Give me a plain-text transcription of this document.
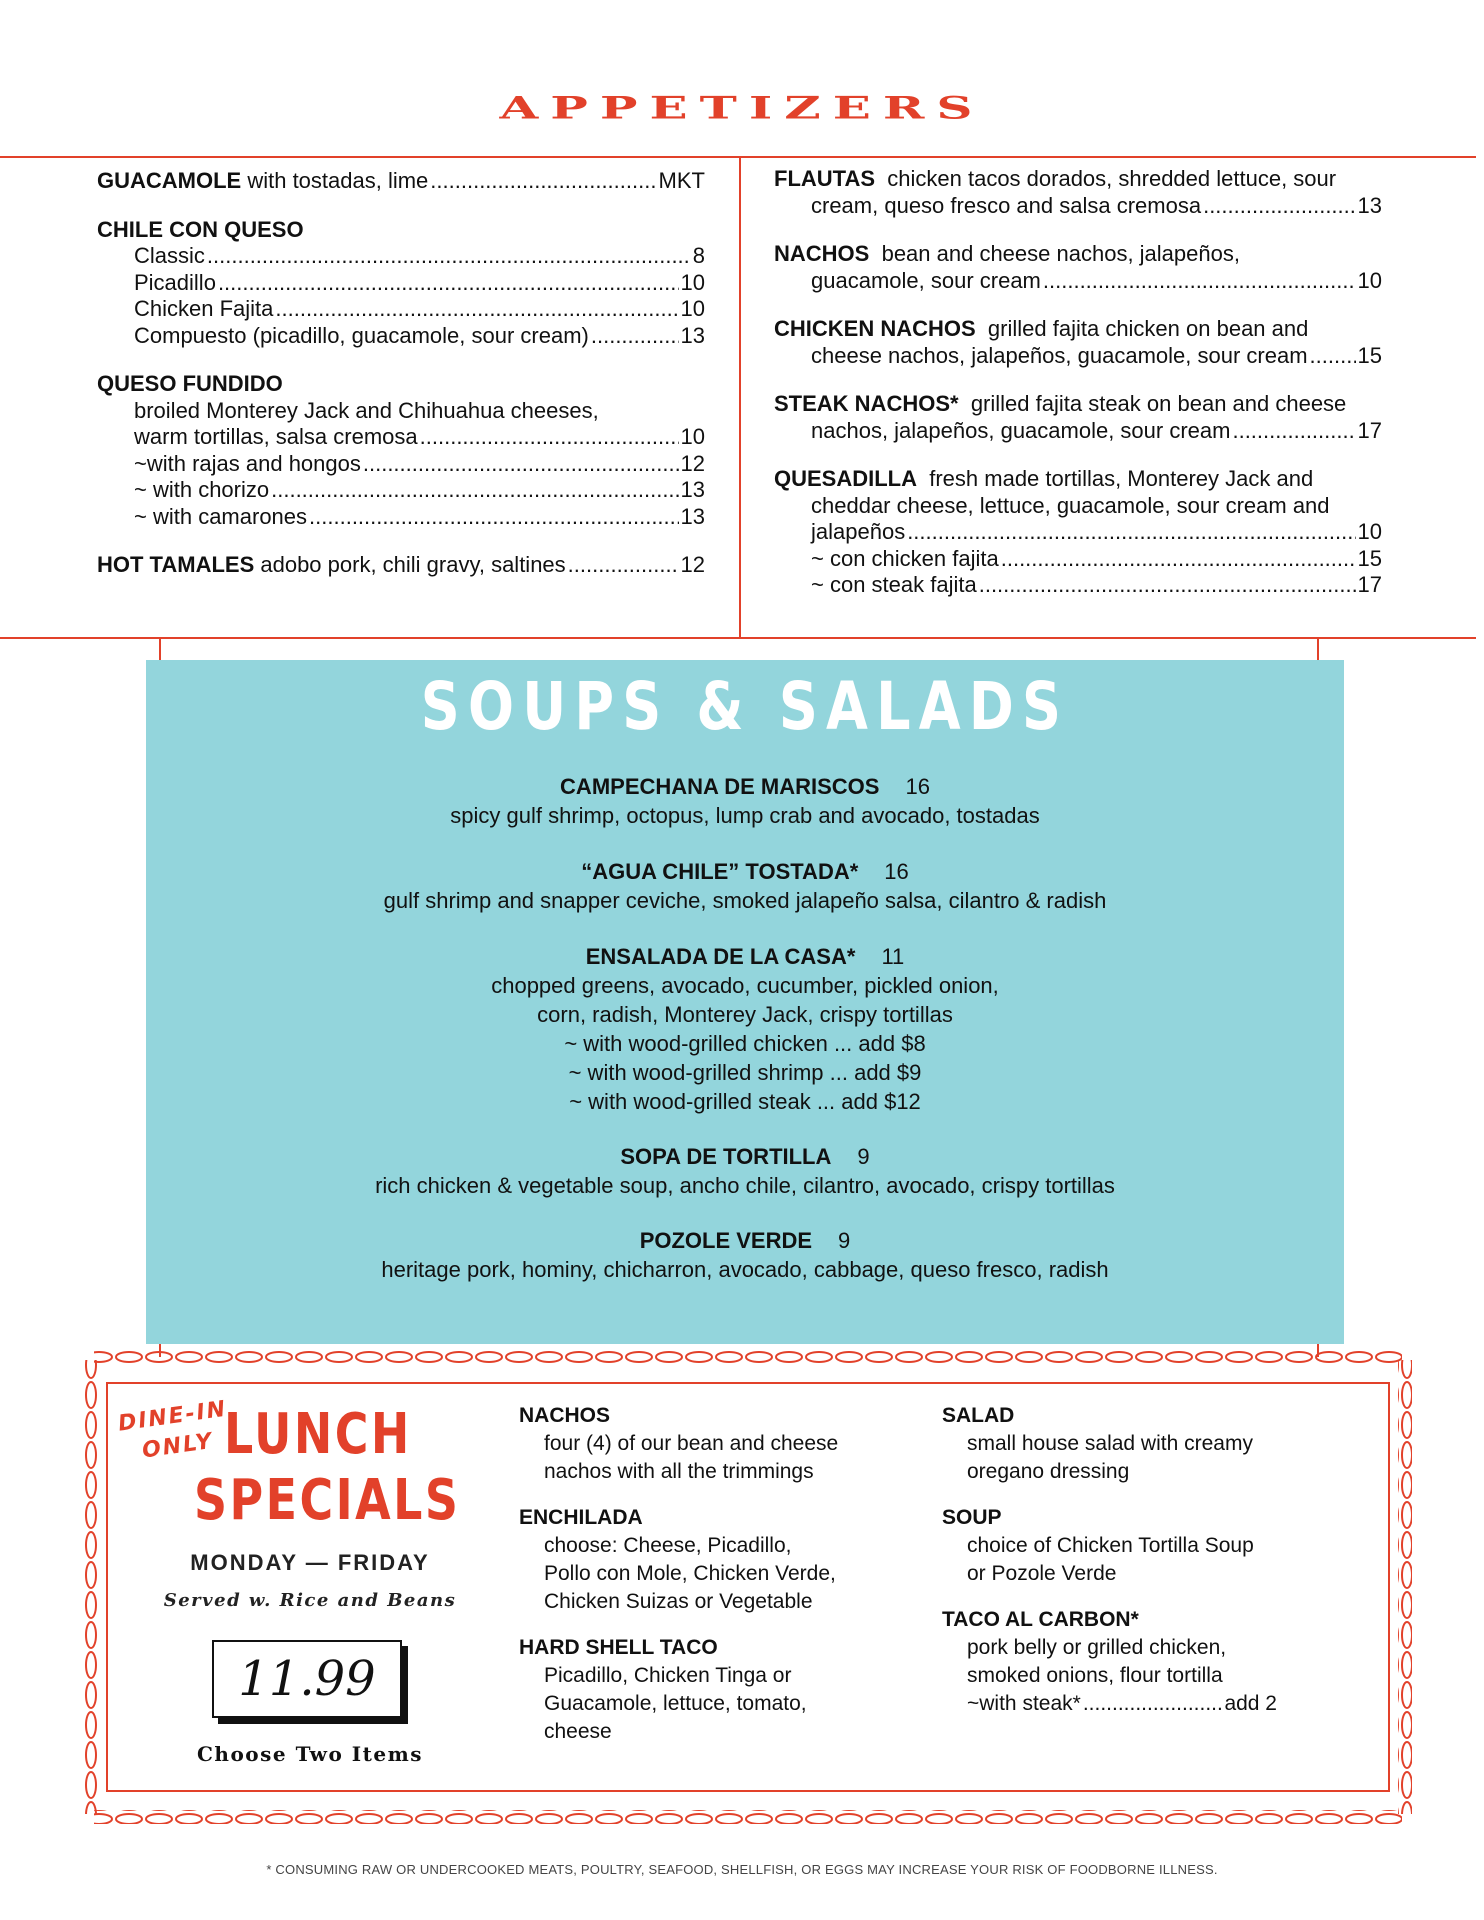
APPETIZERS
GUACAMOLE with tostadas, lime .....	MKT
CHILE CON QUESO
Classic .....	8
Picadillo .....	10
Chicken Fajita .....	10
Compuesto (picadillo, guacamole, sour cream) .....	13
QUESO FUNDIDO
broiled Monterey Jack and Chihuahua cheeses,
warm tortillas, salsa cremosa .....	10
~with rajas and hongos .....	12
~ with chorizo .....	13
~ with camarones .....	13
HOT TAMALES adobo pork, chili gravy, saltines .....	12
FLAUTAS chicken tacos dorados, shredded lettuce, sour
cream, queso fresco and salsa cremosa .....	13
NACHOS bean and cheese nachos, jalapeños,
guacamole, sour cream .....	10
CHICKEN NACHOS grilled fajita chicken on bean and
cheese nachos, jalapeños, guacamole, sour cream ..... 15
STEAK NACHOS* grilled fajita steak on bean and cheese
nachos, jalapeños, guacamole, sour cream .....	17
QUESADILLA fresh made tortillas, Monterey Jack and
cheddar cheese, lettuce, guacamole, sour cream and
jalapeños .....	10
~ con chicken fajita .....	15
~ con steak fajita .....	17
SOUPS & SALADS
CAMPECHANA DE MARISCOS 16
spicy gulf shrimp, octopus, lump crab and avocado, tostadas
“AGUA CHILE” TOSTADA* 16
gulf shrimp and snapper ceviche, smoked jalapeño salsa, cilantro & radish
ENSALADA DE LA CASA* 11
chopped greens, avocado, cucumber, pickled onion,
corn, radish, Monterey Jack, crispy tortillas
~ with wood-grilled chicken ... add $8
~ with wood-grilled shrimp ... add $9
~ with wood-grilled steak ... add $12
SOPA DE TORTILLA 9
rich chicken & vegetable soup, ancho chile, cilantro, avocado, crispy tortillas
POZOLE VERDE 9
heritage pork, hominy, chicharron, avocado, cabbage, queso fresco, radish
DINE-IN
ONLY LUNCH
SPECIALS
MONDAY — FRIDAY
Served w. Rice and Beans
11.99
Choose Two Items
NACHOS
four (4) of our bean and cheese
nachos with all the trimmings
ENCHILADA
choose: Cheese, Picadillo,
Pollo con Mole, Chicken Verde,
Chicken Suizas or Vegetable
HARD SHELL TACO
Picadillo, Chicken Tinga or
Guacamole, lettuce, tomato,
cheese
SALAD
small house salad with creamy
oregano dressing
SOUP
choice of Chicken Tortilla Soup
or Pozole Verde
TACO AL CARBON*
pork belly or grilled chicken,
smoked onions, flour tortilla
~with steak* .....	add 2
* CONSUMING RAW OR UNDERCOOKED MEATS, POULTRY, SEAFOOD, SHELLFISH, OR EGGS MAY INCREASE YOUR RISK OF FOODBORNE ILLNESS.
